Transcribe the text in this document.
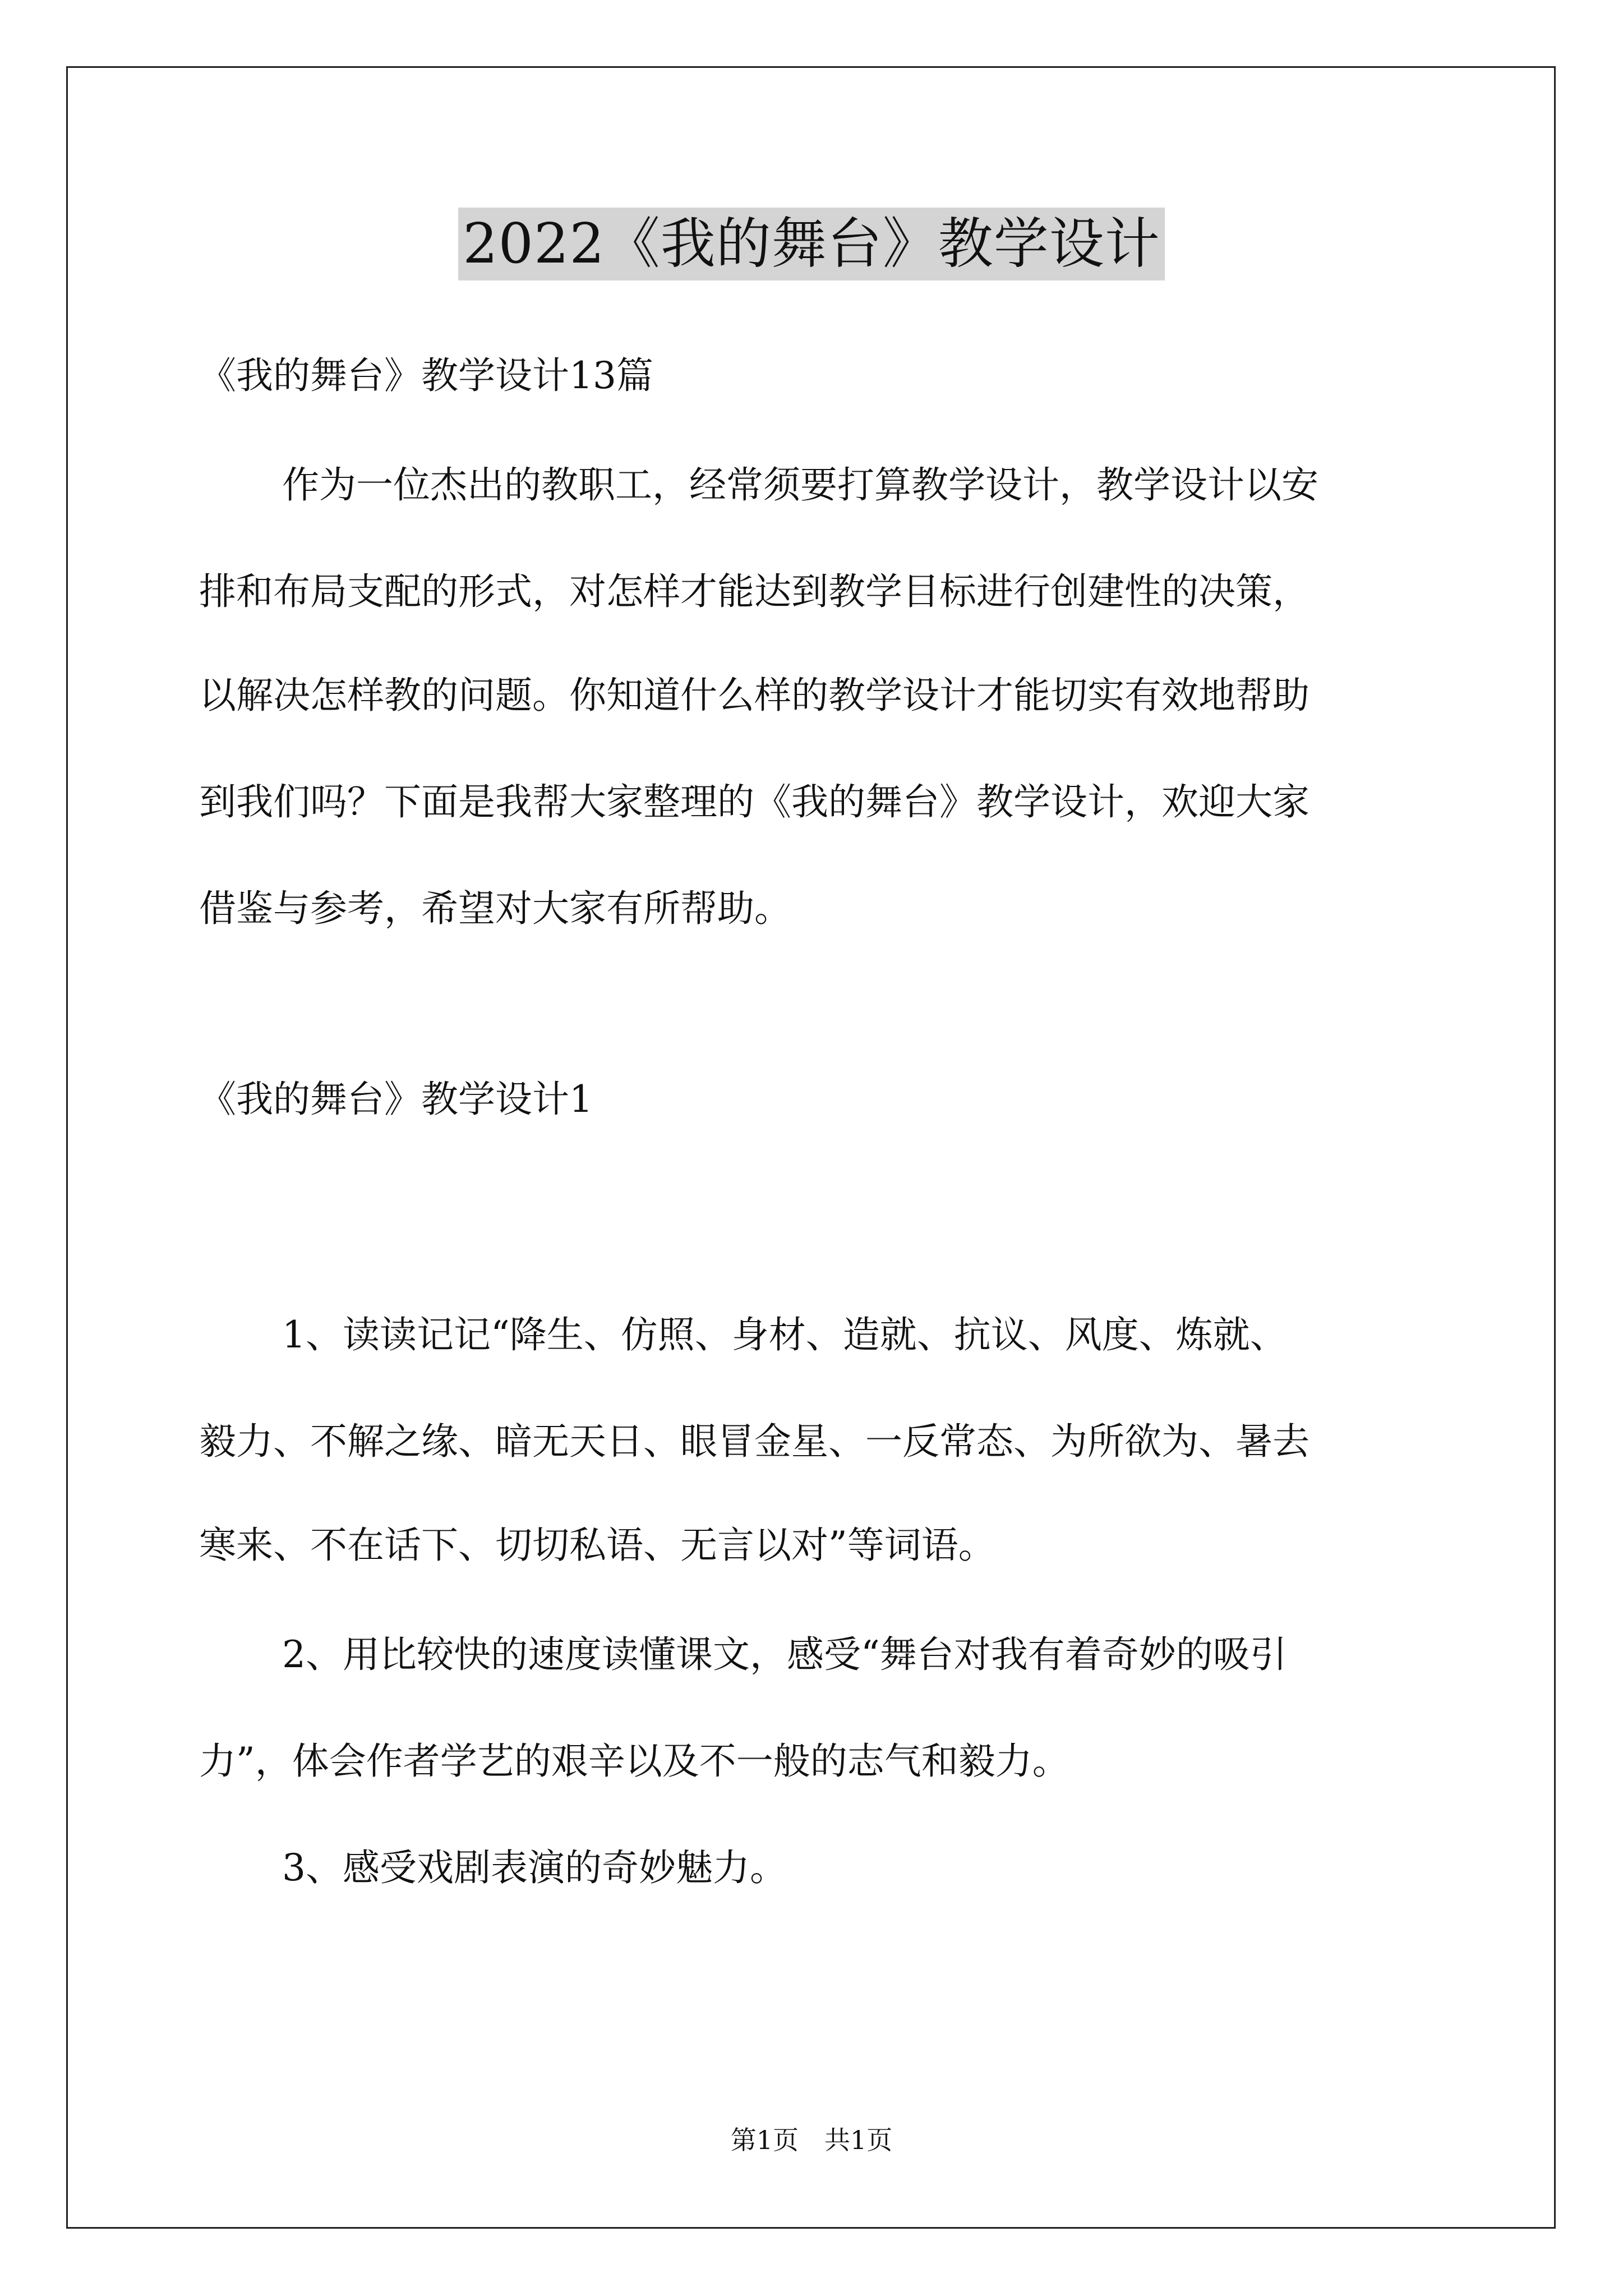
2022《我的舞台》教学设计
《我的舞台》教学设计13篇
作为一位杰出的教职工，经常须要打算教学设计，教学设计以安
排和布局支配的形式，对怎样才能达到教学目标进行创建性的决策，
以解决怎样教的问题。你知道什么样的教学设计才能切实有效地帮助
到我们吗？下面是我帮大家整理的《我的舞台》教学设计，欢迎大家
借鉴与参考，希望对大家有所帮助。
《我的舞台》教学设计1
1、读读记记“降生、仿照、身材、造就、抗议、风度、炼就、
毅力、不解之缘、暗无天日、眼冒金星、一反常态、为所欲为、暑去
寒来、不在话下、切切私语、无言以对”等词语。
2、用比较快的速度读懂课文，感受“舞台对我有着奇妙的吸引
力”，体会作者学艺的艰辛以及不一般的志气和毅力。
3、感受戏剧表演的奇妙魅力。
第1页　共1页
